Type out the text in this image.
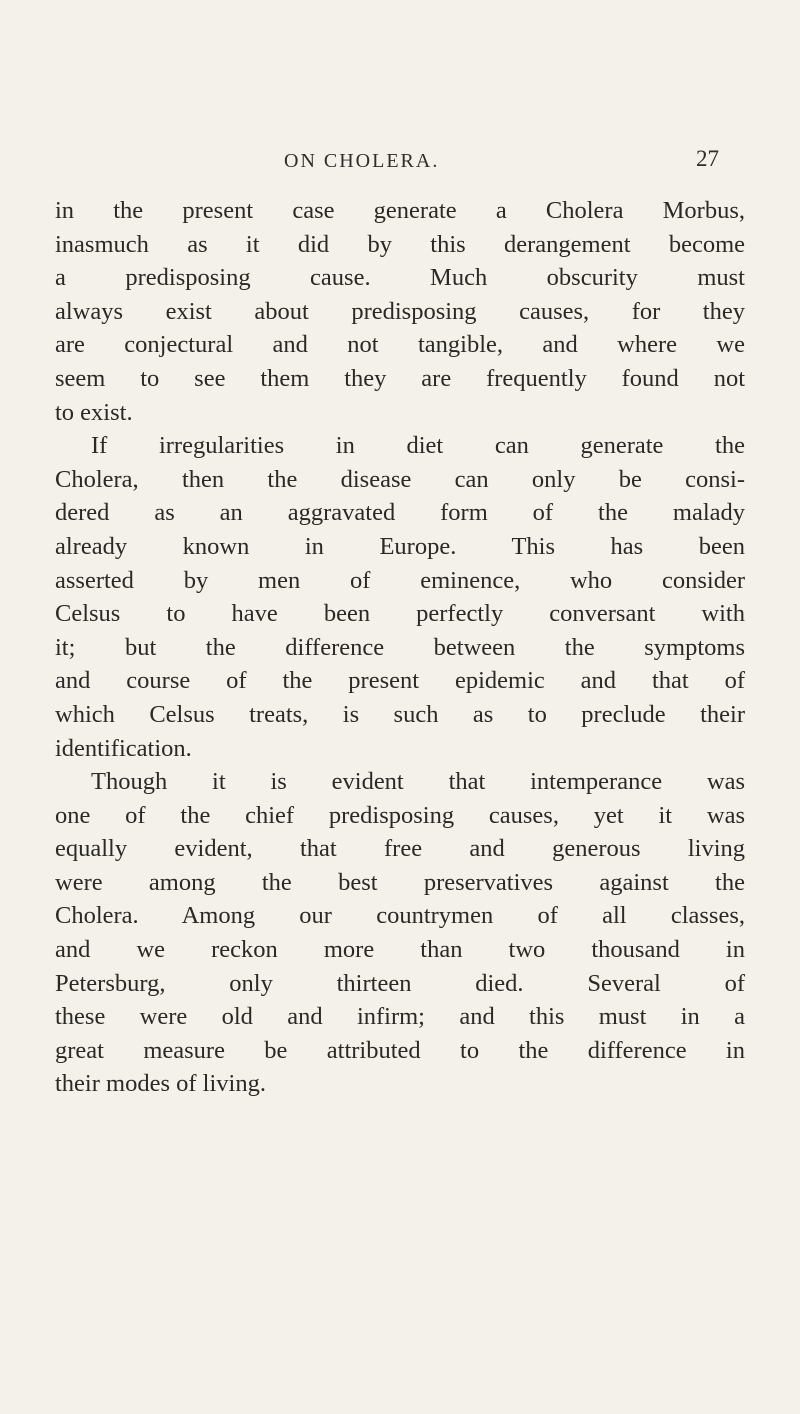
ON CHOLERA.	27
in the present case generate a Cholera Morbus,
inasmuch as it did by this derangement become
a predisposing cause. Much obscurity must
always exist about predisposing causes, for they
are conjectural and not tangible, and where we
seem to see them they are frequently found not
to exist.
If irregularities in diet can generate the
Cholera, then the disease can only be consi-
dered as an aggravated form of the malady
already known in Europe. This has been
asserted by men of eminence, who consider
Celsus to have been perfectly conversant with
it; but the difference between the symptoms
and course of the present epidemic and that of
which Celsus treats, is such as to preclude their
identification.
Though it is evident that intemperance was
one of the chief predisposing causes, yet it was
equally evident, that free and generous living
were among the best preservatives against the
Cholera. Among our countrymen of all classes,
and we reckon more than two thousand in
Petersburg, only thirteen died. Several of
these were old and infirm; and this must in a
great measure be attributed to the difference in
their modes of living.
